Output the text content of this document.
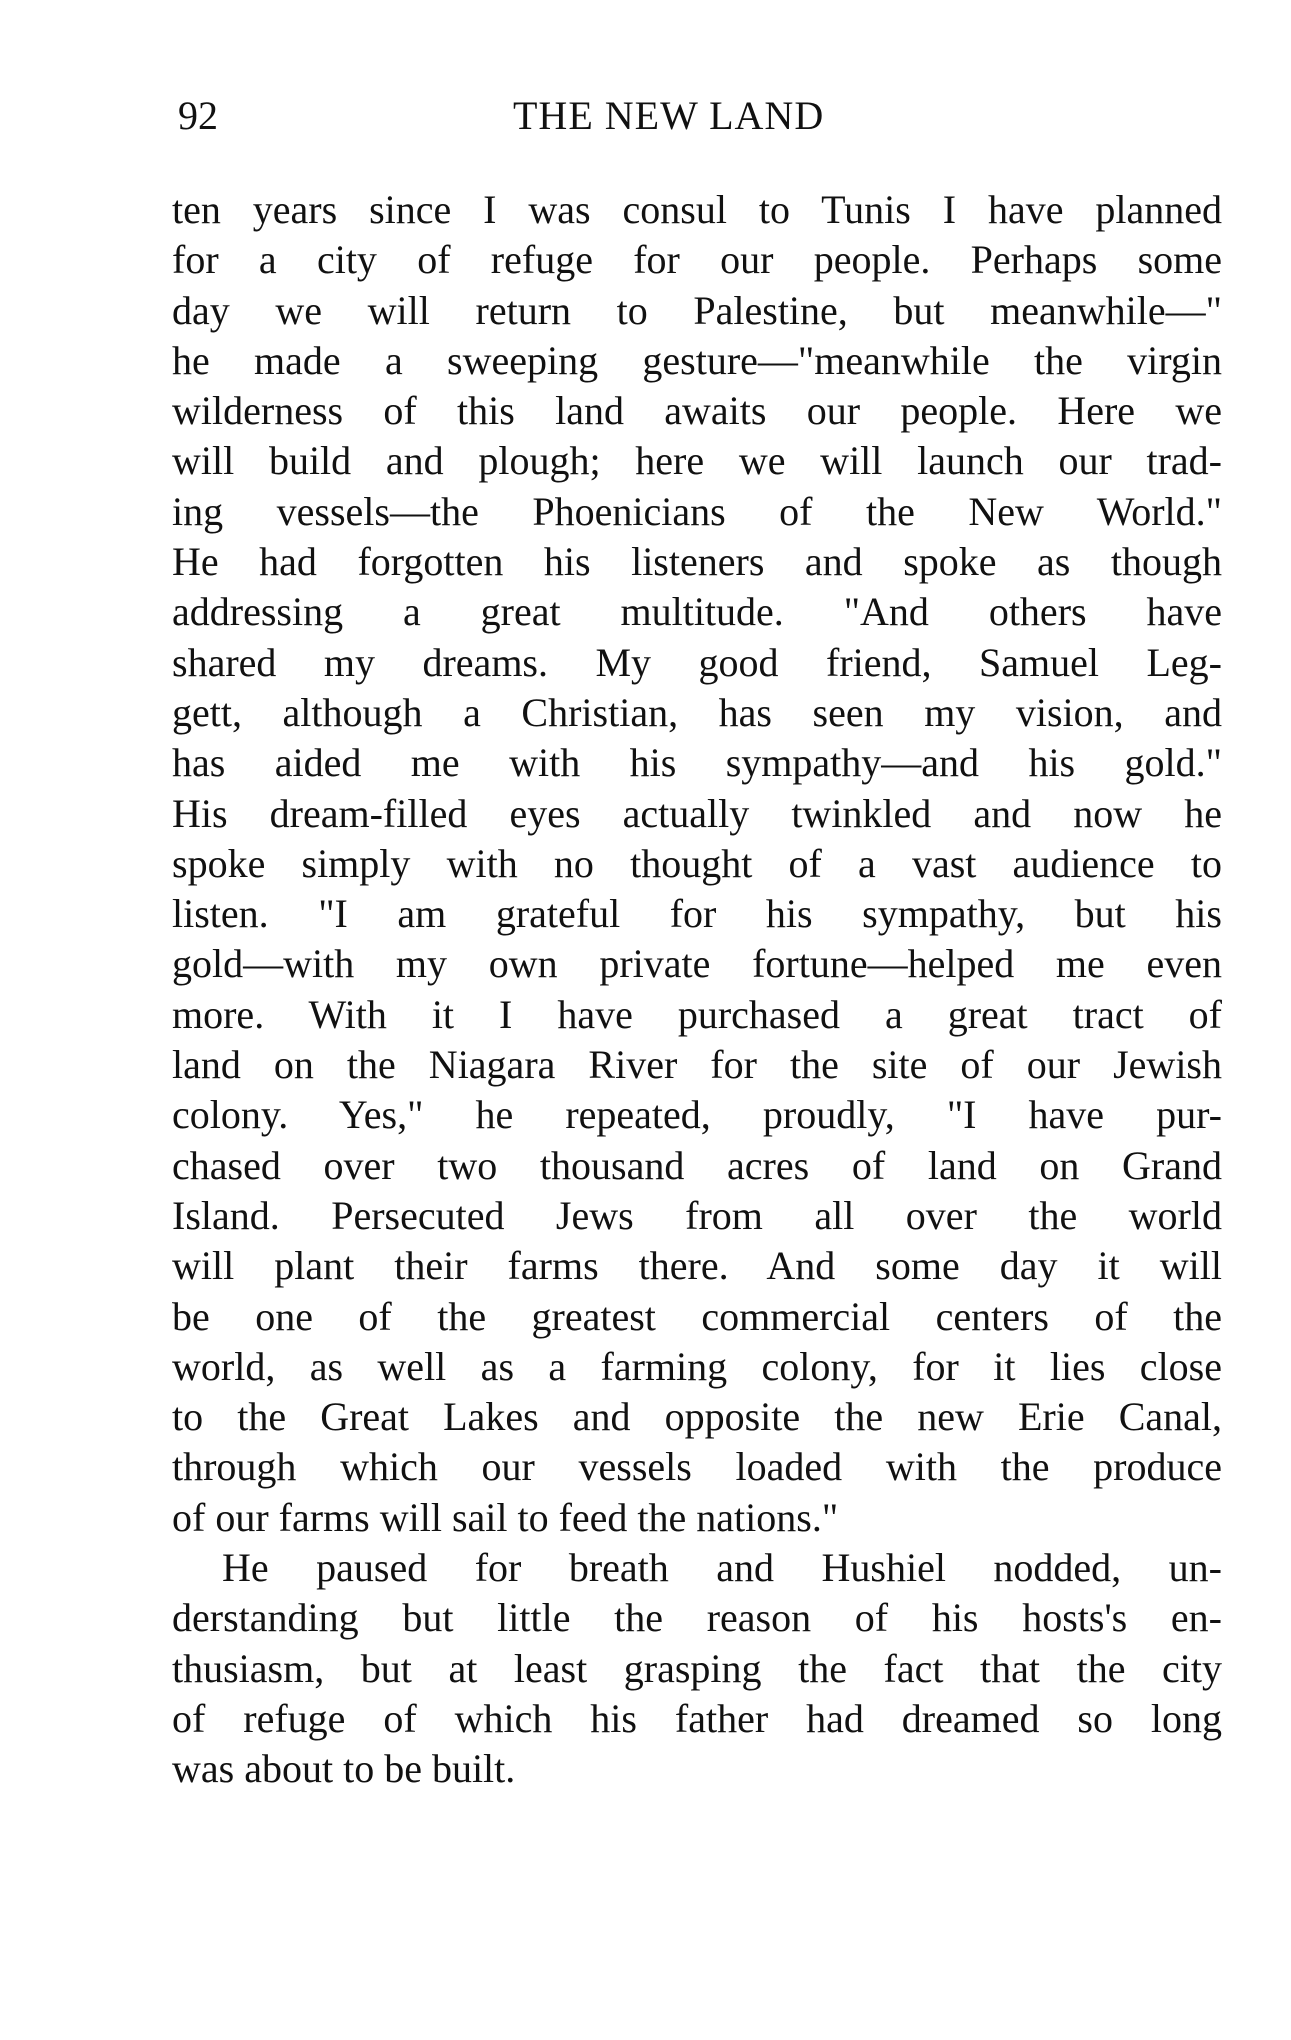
92	THE NEW LAND
ten years since I was consul to Tunis I have planned
for a city of refuge for our people. Perhaps some
day we will return to Palestine, but meanwhile—"
he made a sweeping gesture—"meanwhile the virgin
wilderness of this land awaits our people. Here we
will build and plough; here we will launch our trad-
ing vessels—the Phoenicians of the New World."
He had forgotten his listeners and spoke as though
addressing a great multitude. "And others have
shared my dreams. My good friend, Samuel Leg-
gett, although a Christian, has seen my vision, and
has aided me with his sympathy—and his gold."
His dream-filled eyes actually twinkled and now he
spoke simply with no thought of a vast audience to
listen. "I am grateful for his sympathy, but his
gold—with my own private fortune—helped me even
more. With it I have purchased a great tract of
land on the Niagara River for the site of our Jewish
colony. Yes," he repeated, proudly, "I have pur-
chased over two thousand acres of land on Grand
Island. Persecuted Jews from all over the world
will plant their farms there. And some day it will
be one of the greatest commercial centers of the
world, as well as a farming colony, for it lies close
to the Great Lakes and opposite the new Erie Canal,
through which our vessels loaded with the produce
of our farms will sail to feed the nations."
He paused for breath and Hushiel nodded, un-
derstanding but little the reason of his hosts's en-
thusiasm, but at least grasping the fact that the city
of refuge of which his father had dreamed so long
was about to be built.
